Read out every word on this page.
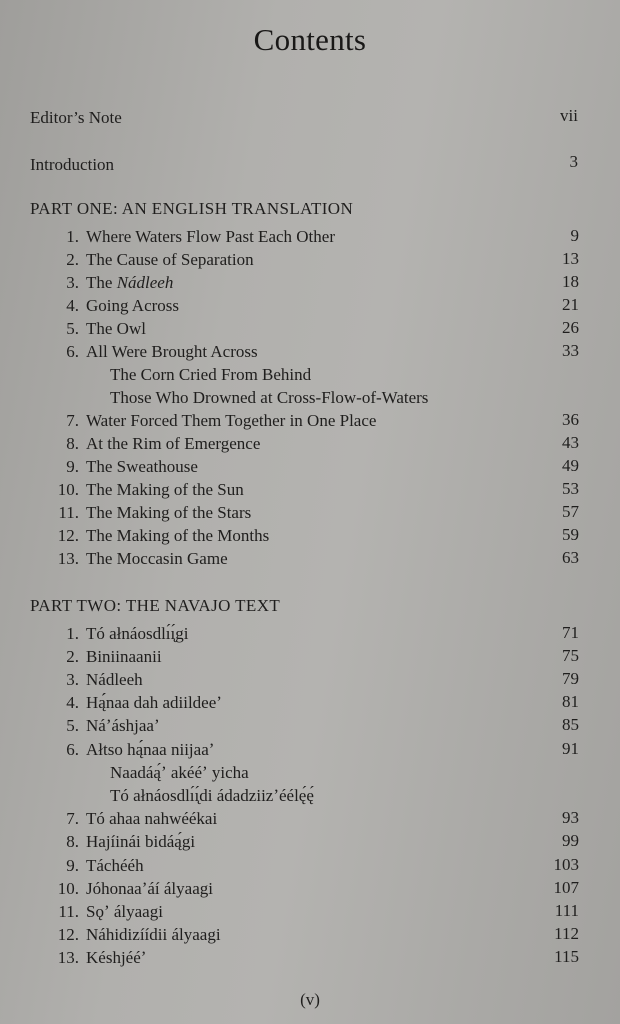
Contents
Editor’s Note	vii
Introduction	3
PART ONE: AN ENGLISH TRANSLATION
1. Where Waters Flow Past Each Other	9
2. The Cause of Separation	13
3. The Nádleeh	18
4. Going Across	21
5. The Owl	26
6. All Were Brought Across	33
The Corn Cried From Behind
Those Who Drowned at Cross-Flow-of-Waters
7. Water Forced Them Together in One Place	36
8. At the Rim of Emergence	43
9. The Sweathouse	49
10. The Making of the Sun	53
11. The Making of the Stars	57
12. The Making of the Months	59
13. The Moccasin Game	63
PART TWO: THE NAVAJO TEXT
1. Tó ałnáosdlı́ı̨́gi	71
2. Biniinaanii	75
3. Nádleeh	79
4. Hą́́naa dah adiildeeʼ	81
5. Náʼáshjaaʼ	85
6. Ałtso hą́́naa niijaaʼ	91
Naadáą́ʼ akééʼ yicha
Tó ałnáosdlı́ı̨́di ádadziizʼéélę́ę́
7. Tó ahaa nahwéékai	93
8. Hajíinái bidáą́gi	99
9. Táchééh	103
10. Jóhonaaʼáí ályaagi	107
11. Sǫʼ ályaagi	111
12. Náhidizíídii ályaagi	112
13. Késhjééʼ	115
(v)
